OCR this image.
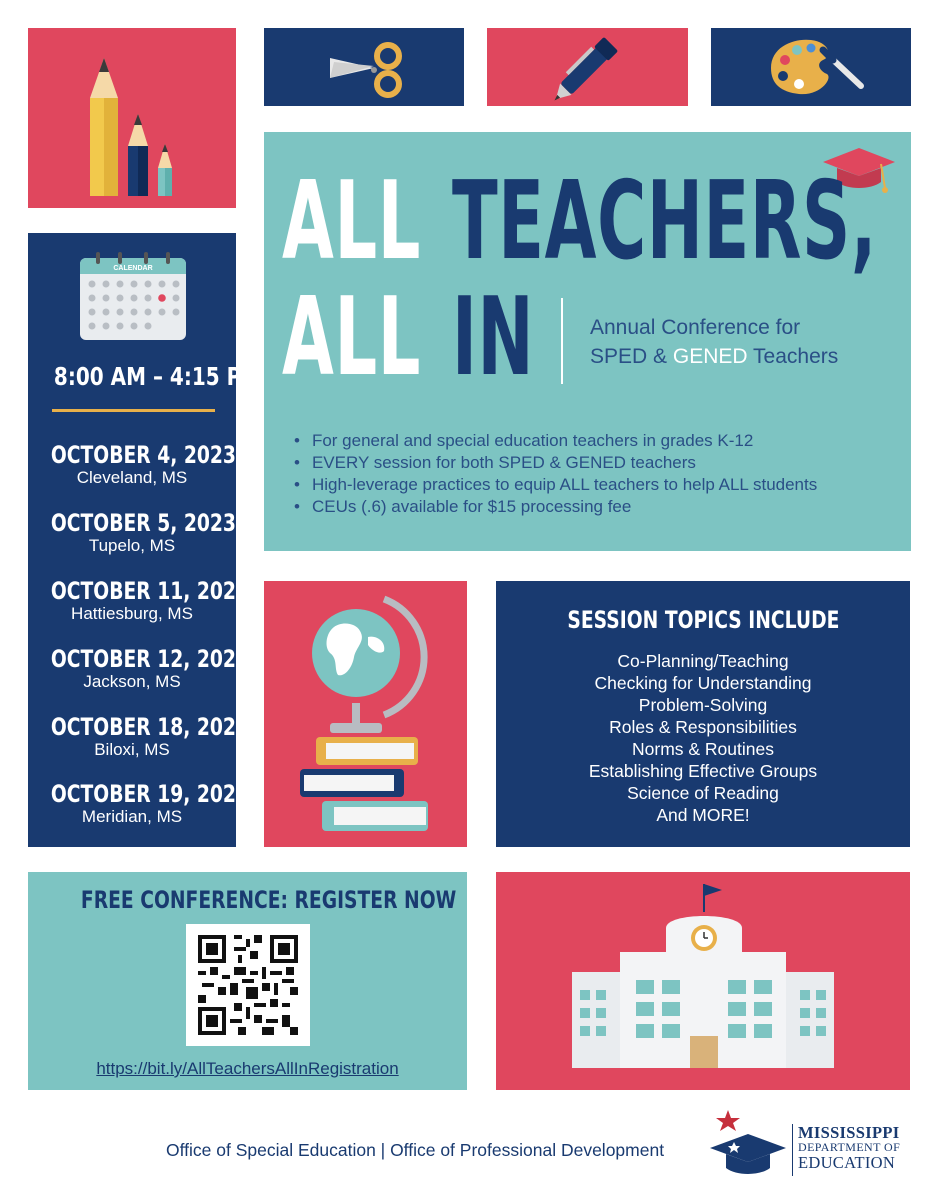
ALL TEACHERS,
ALL IN	Annual Conference for
SPED & GENED Teachers
• For general and special education teachers in grades K-12
• EVERY session for both SPED & GENED teachers
• High-leverage practices to equip ALL teachers to help ALL students
• CEUs (.6) available for $15 processing fee
CALENDAR
8:00 AM – 4:15 PM
OCTOBER 4, 2023
Cleveland, MS
OCTOBER 5, 2023
Tupelo, MS
OCTOBER 11, 2023
Hattiesburg, MS
OCTOBER 12, 2023
Jackson, MS
OCTOBER 18, 2023
Biloxi, MS
OCTOBER 19, 2023
Meridian, MS
SESSION TOPICS INCLUDE
Co-Planning/Teaching
Checking for Understanding
Problem-Solving
Roles & Responsibilities
Norms & Routines
Establishing Effective Groups
Science of Reading
And MORE!
FREE CONFERENCE: REGISTER NOW
https://bit.ly/AllTeachersAllInRegistration
Office of Special Education | Office of Professional Development
MISSISSIPPI
DEPARTMENT OF
EDUCATION
